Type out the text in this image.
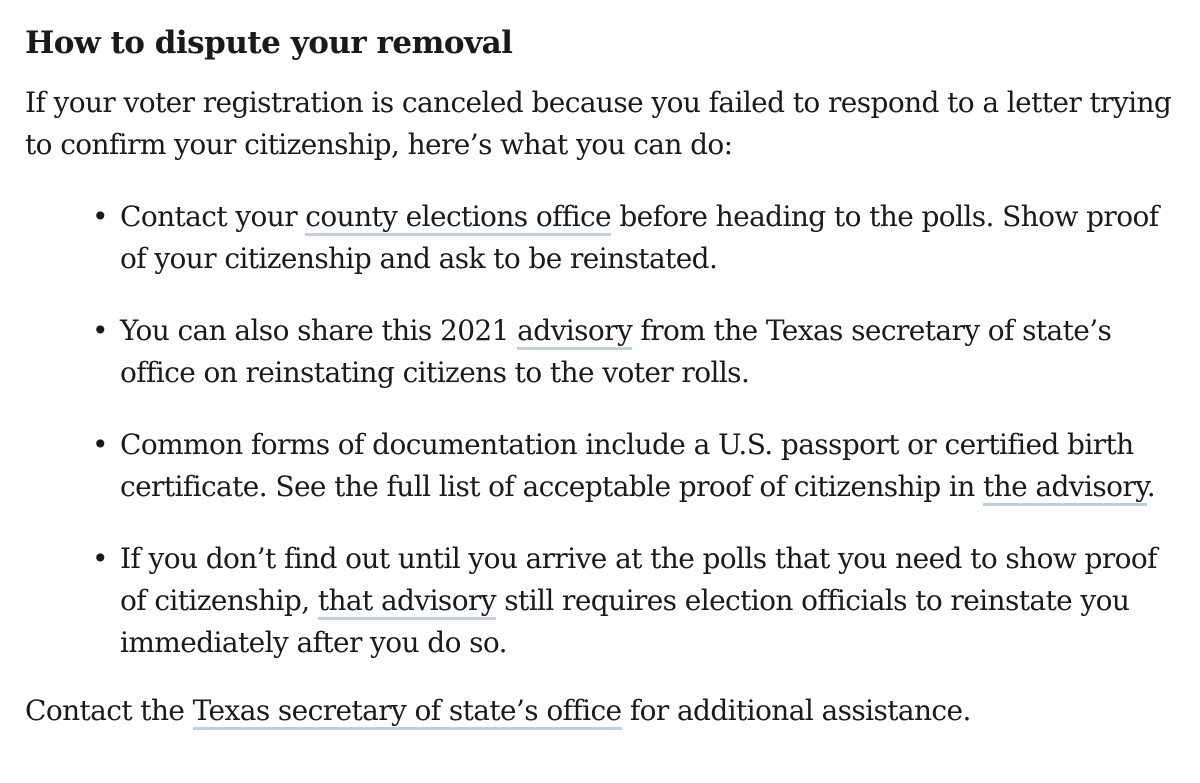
How to dispute your removal

If your voter registration is canceled because you failed to respond to a letter trying to confirm your citizenship, here’s what you can do:

• Contact your county elections office before heading to the polls. Show proof of your citizenship and ask to be reinstated.
• You can also share this 2021 advisory from the Texas secretary of state’s office on reinstating citizens to the voter rolls.
• Common forms of documentation include a U.S. passport or certified birth certificate. See the full list of acceptable proof of citizenship in the advisory.
• If you don’t find out until you arrive at the polls that you need to show proof of citizenship, that advisory still requires election officials to reinstate you immediately after you do so.

Contact the Texas secretary of state’s office for additional assistance.
